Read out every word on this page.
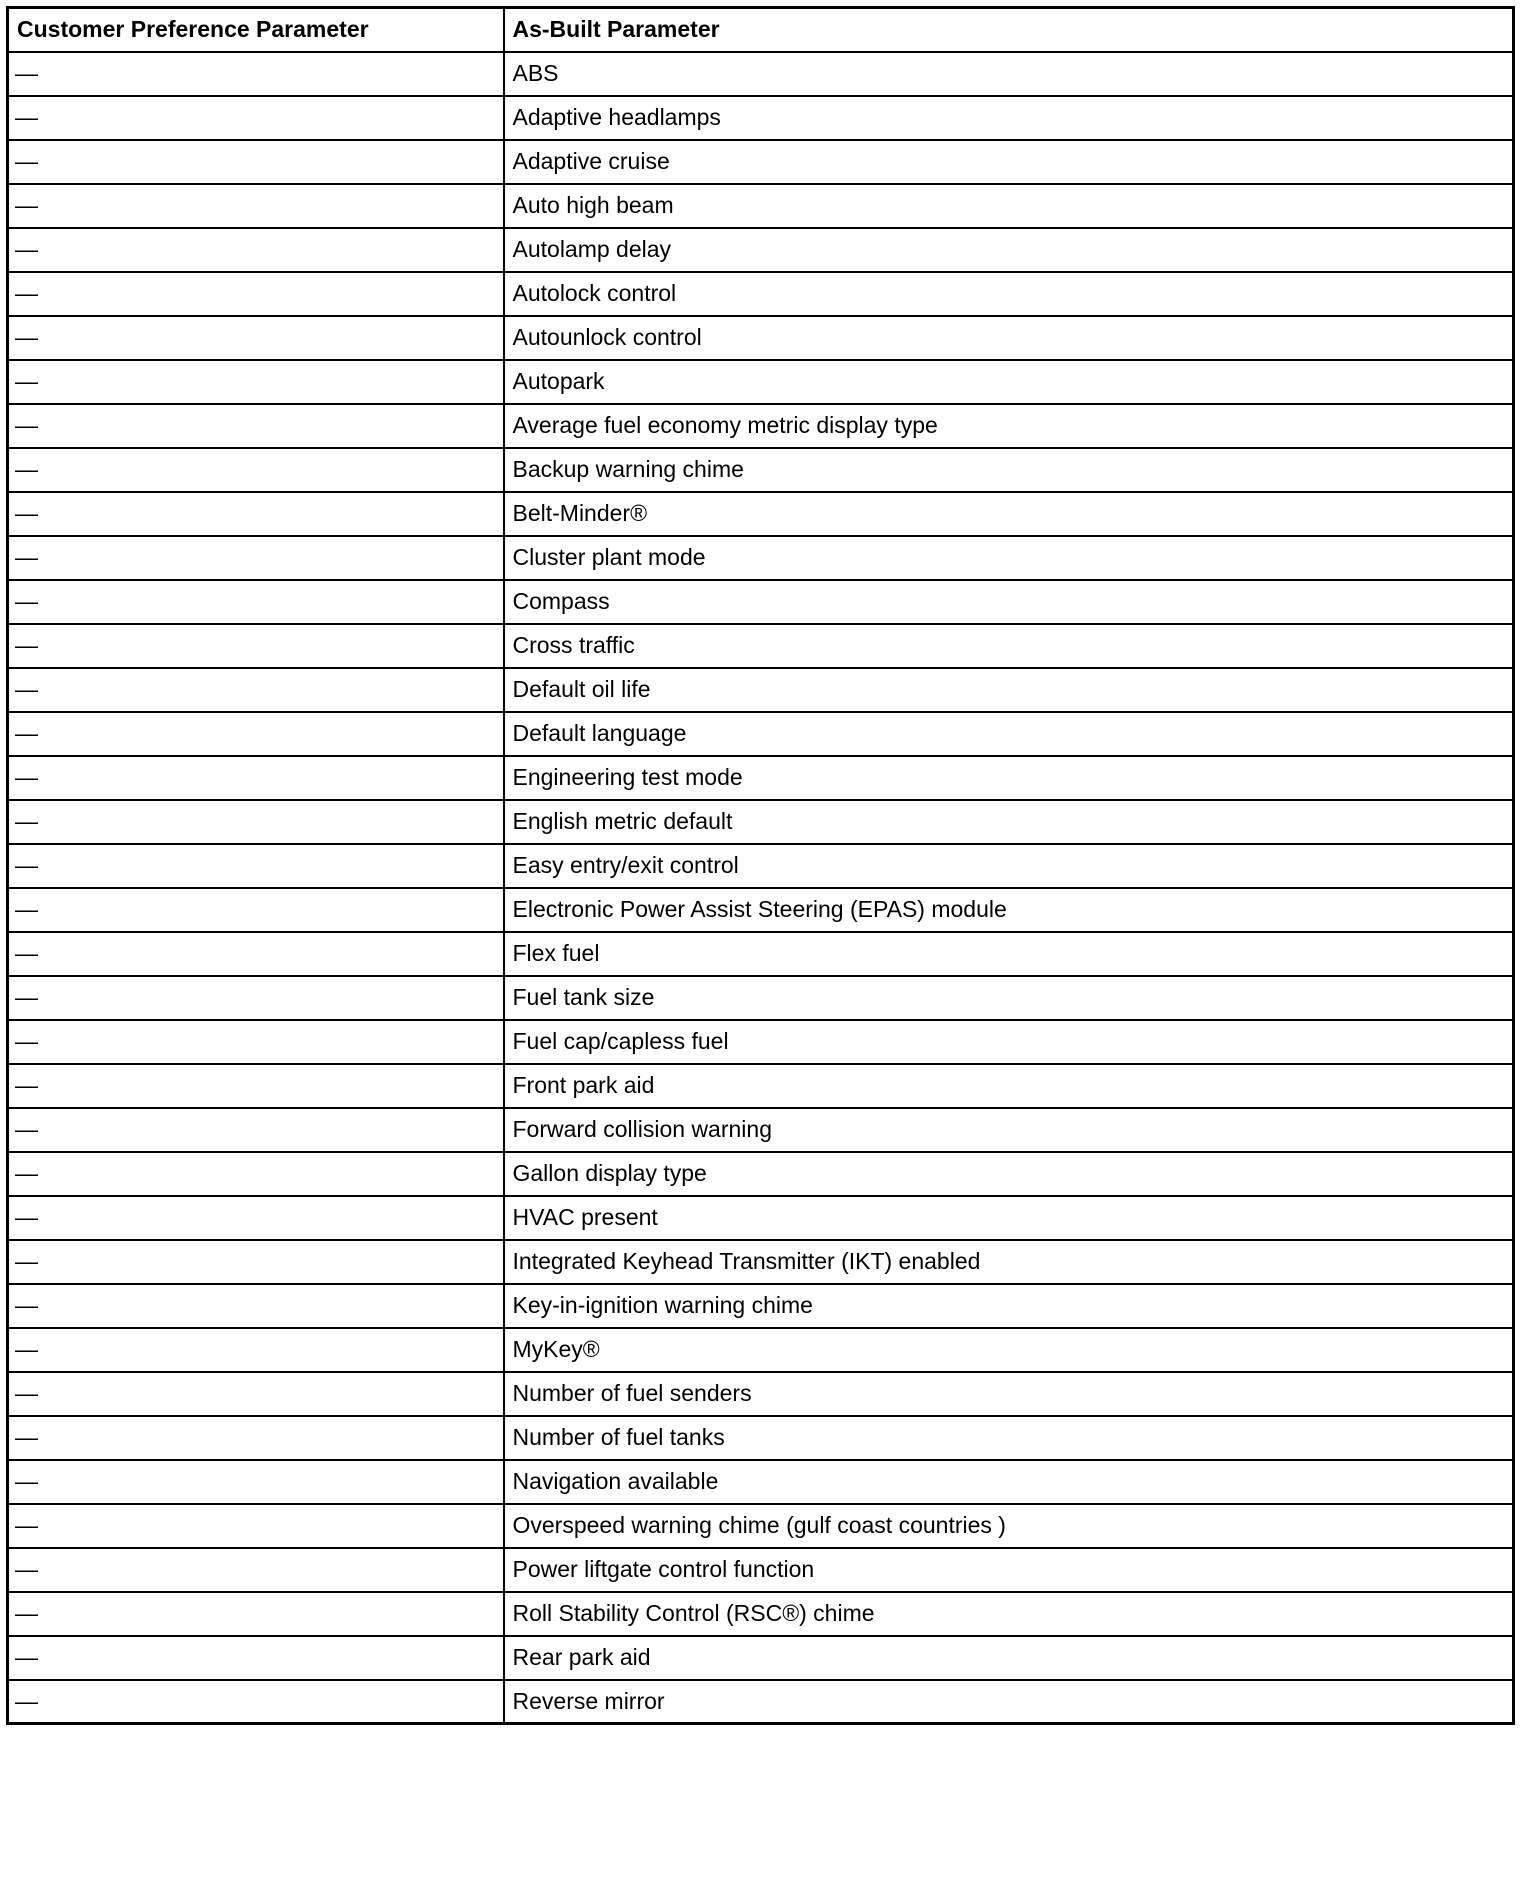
Customer Preference Parameter	As-Built Parameter
—	ABS
—	Adaptive headlamps
—	Adaptive cruise
—	Auto high beam
—	Autolamp delay
—	Autolock control
—	Autounlock control
—	Autopark
—	Average fuel economy metric display type
—	Backup warning chime
—	Belt-Minder®
—	Cluster plant mode
—	Compass
—	Cross traffic
—	Default oil life
—	Default language
—	Engineering test mode
—	English metric default
—	Easy entry/exit control
—	Electronic Power Assist Steering (EPAS) module
—	Flex fuel
—	Fuel tank size
—	Fuel cap/capless fuel
—	Front park aid
—	Forward collision warning
—	Gallon display type
—	HVAC present
—	Integrated Keyhead Transmitter (IKT) enabled
—	Key-in-ignition warning chime
—	MyKey®
—	Number of fuel senders
—	Number of fuel tanks
—	Navigation available
—	Overspeed warning chime (gulf coast countries )
—	Power liftgate control function
—	Roll Stability Control (RSC®) chime
—	Rear park aid
—	Reverse mirror
